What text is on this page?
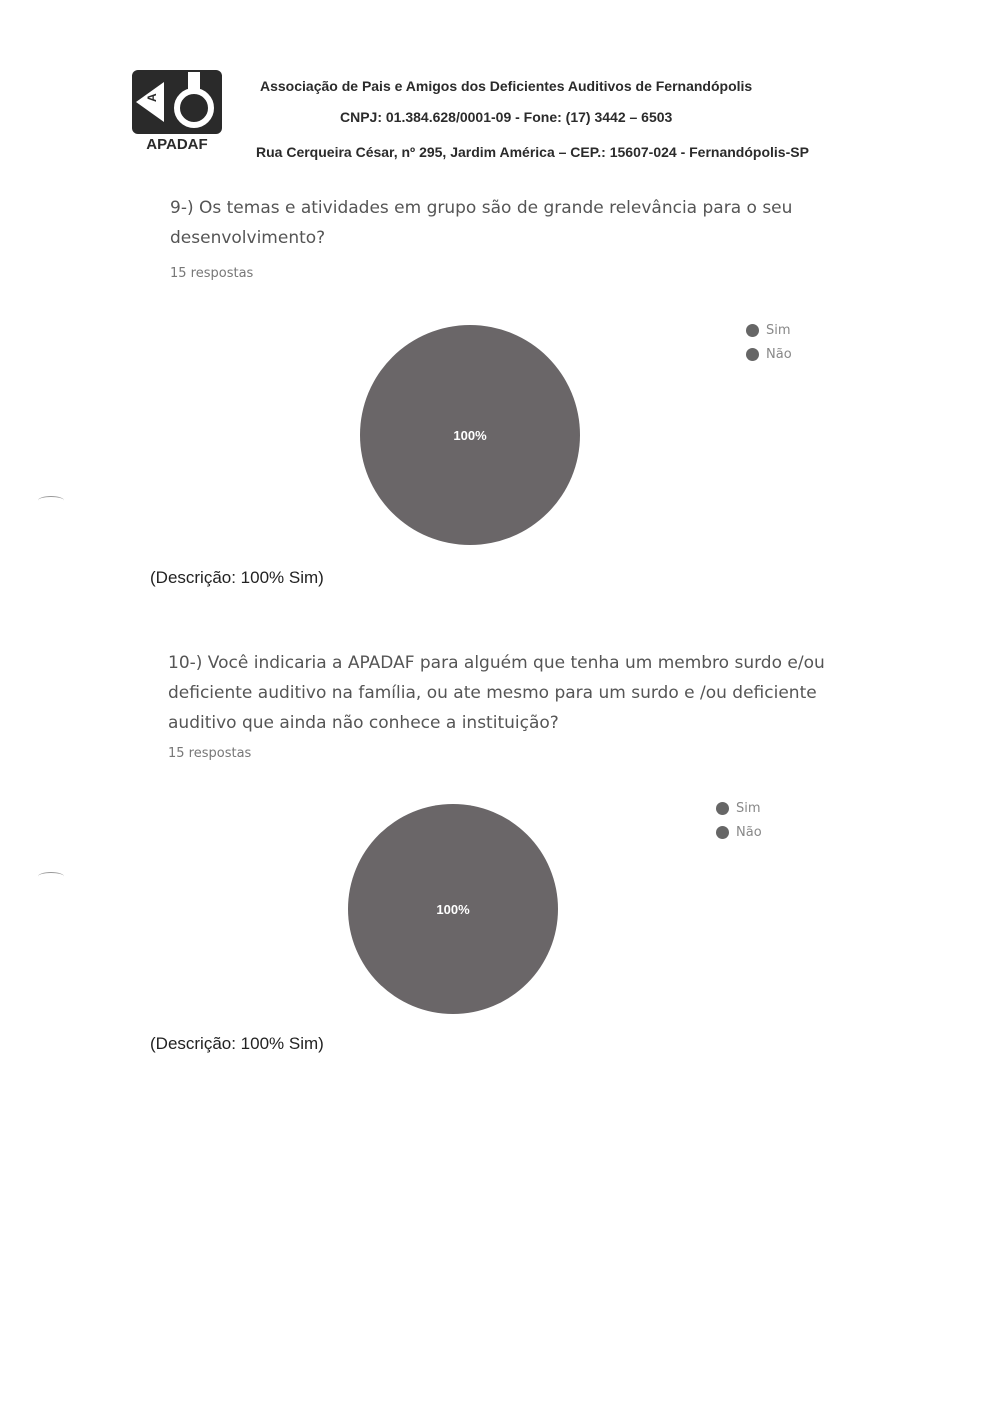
A
APADAF
Associação de Pais e Amigos dos Deficientes Auditivos de Fernandópolis
CNPJ: 01.384.628/0001-09 - Fone: (17) 3442 – 6503
Rua Cerqueira César, nº 295, Jardim América – CEP.: 15607-024 - Fernandópolis-SP
9-) Os temas e atividades em grupo são de grande relevância para o seu desenvolvimento?
15 respostas
100%
Sim
Não
(Descrição: 100% Sim)
10-) Você indicaria a APADAF para alguém que tenha um membro surdo e/ou deficiente auditivo na família, ou ate mesmo para um surdo e /ou deficiente auditivo que ainda não conhece a instituição?
15 respostas
100%
Sim
Não
(Descrição: 100% Sim)
